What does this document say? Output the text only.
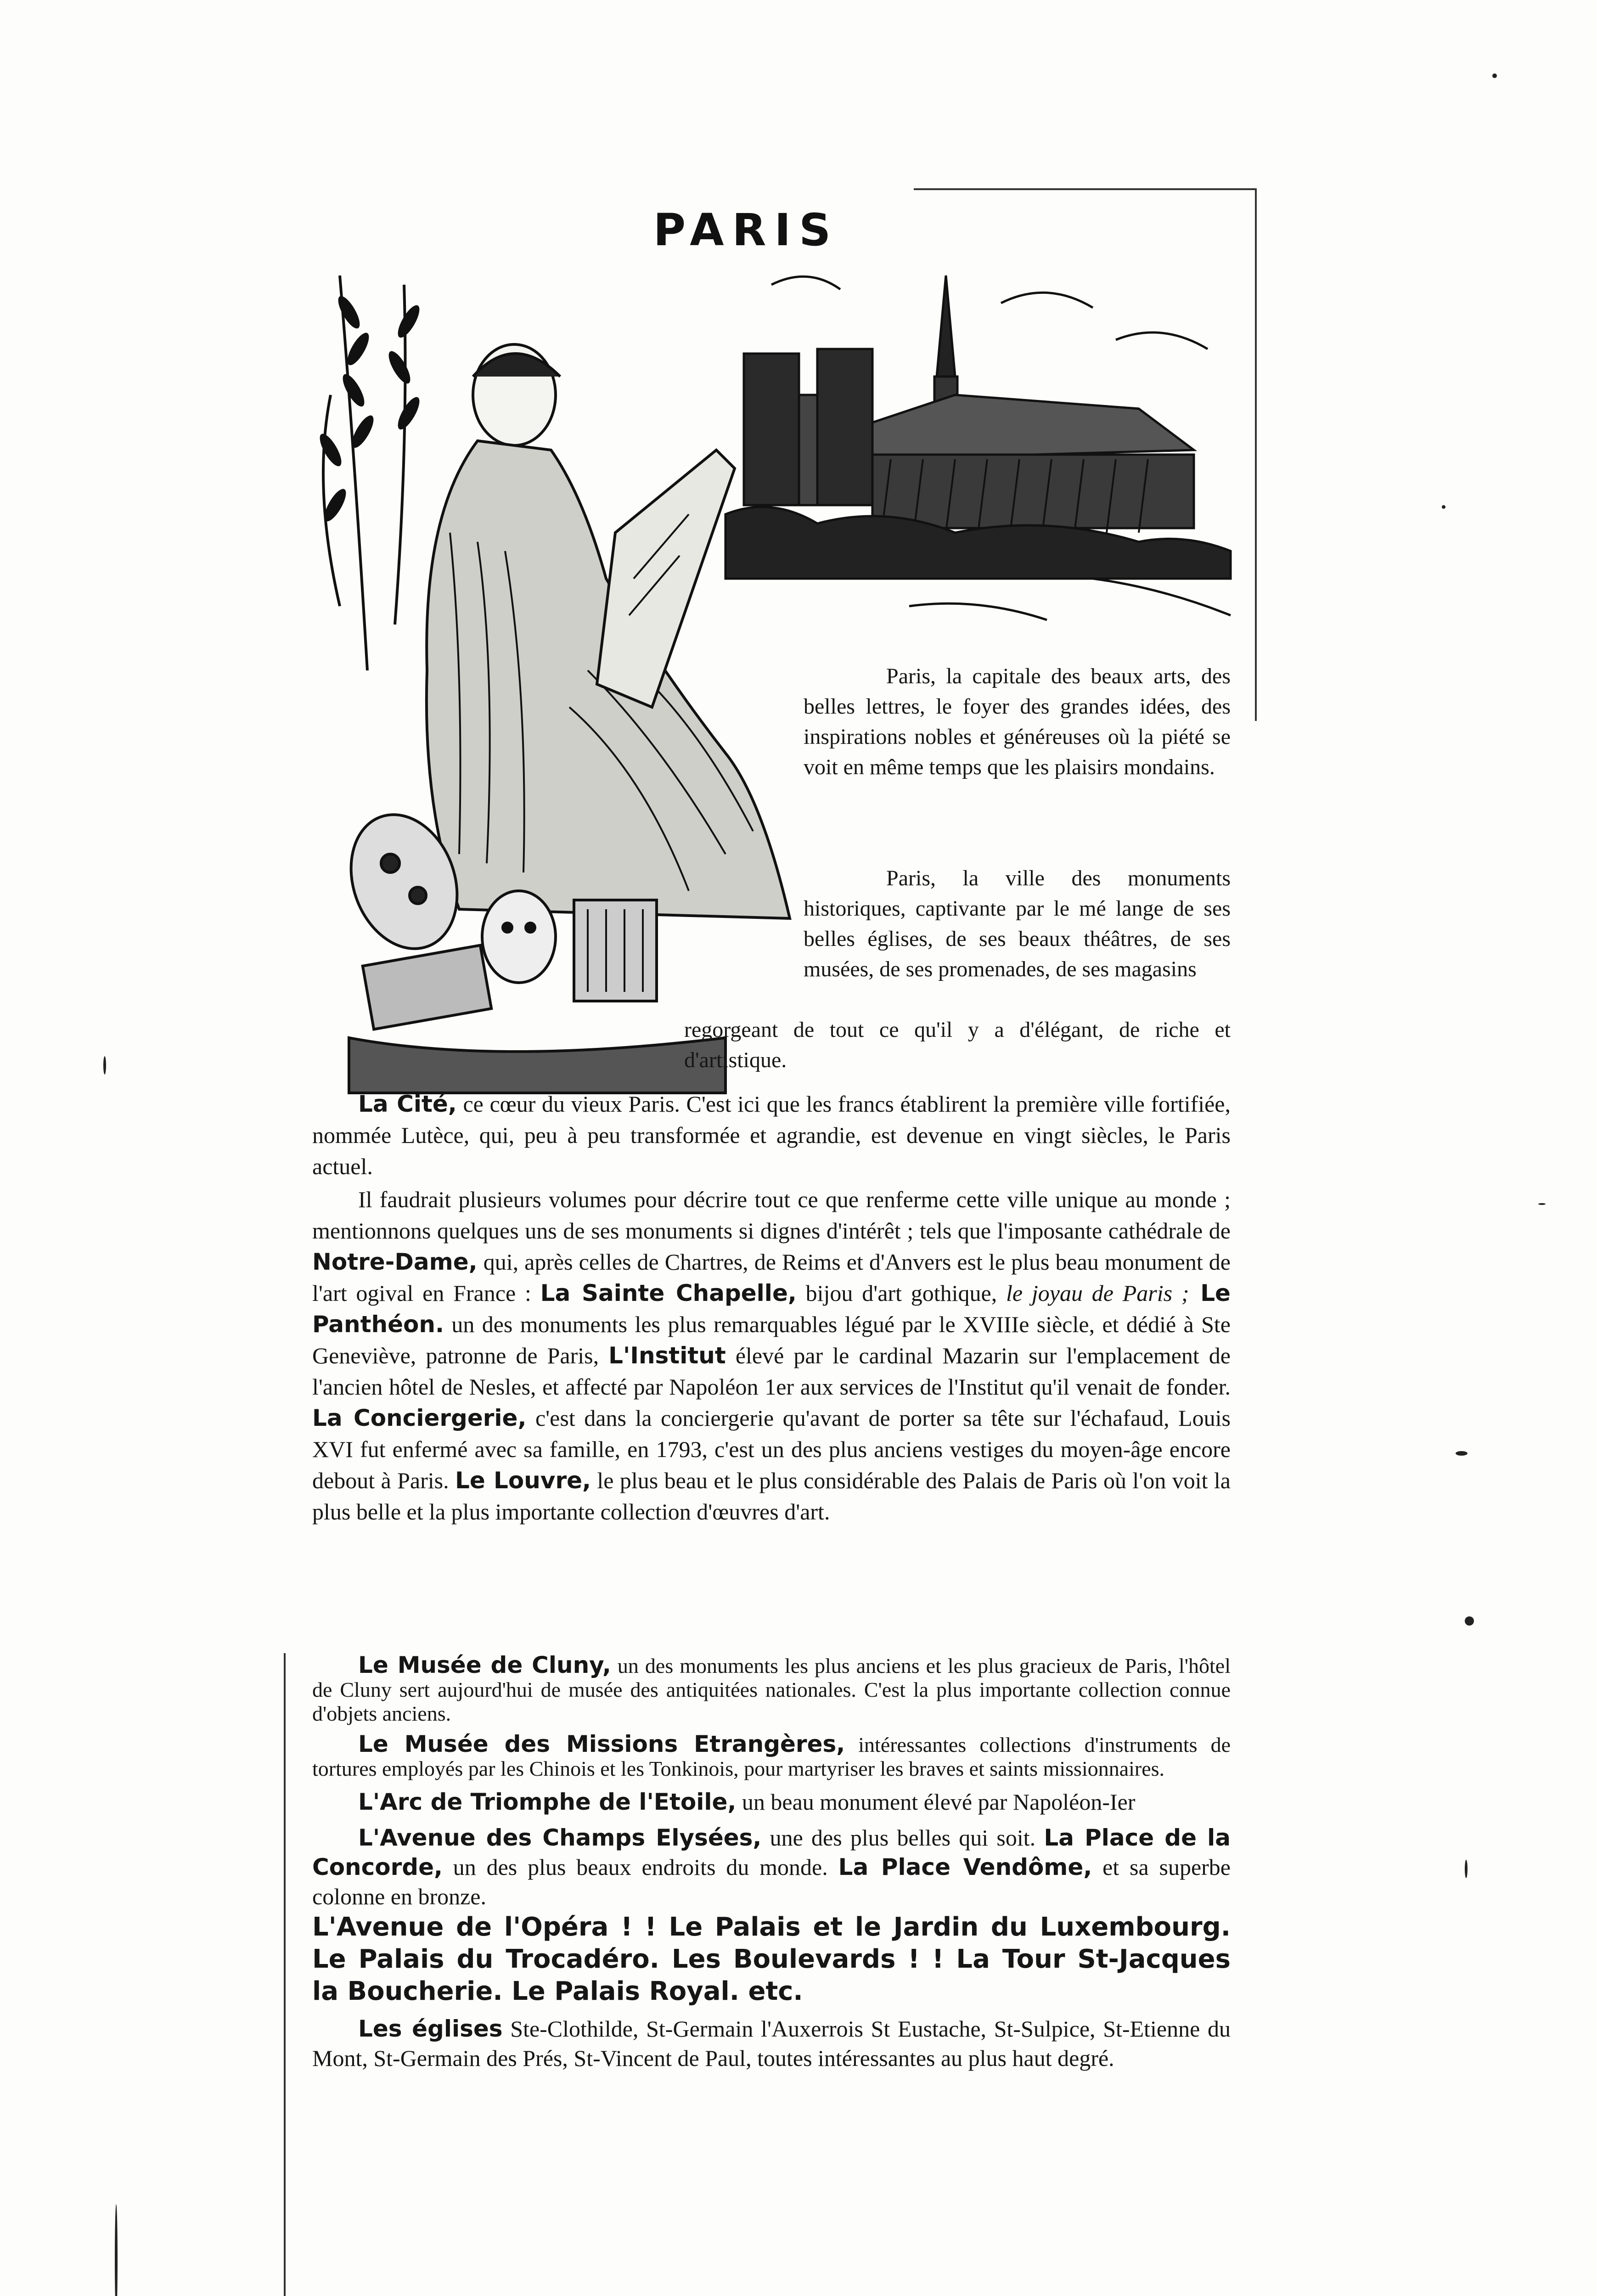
PARIS

Paris, la capitale des beaux arts, des belles lettres, le foyer des grandes idées, des inspirations nobles et généreuses où la piété se voit en même temps que les plaisirs mondains.

Paris, la ville des monuments historiques, captivante par le mé lange de ses belles églises, de ses beaux théâtres, de ses musées, de ses promenades, de ses magasins

regorgeant de tout ce qu'il y a d'élégant, de riche et d'artistique.

La Cité, ce cœur du vieux Paris. C'est ici que les francs établirent la première ville fortifiée, nommée Lutèce, qui, peu à peu transformée et agrandie, est devenue en vingt siècles, le Paris actuel.

Il faudrait plusieurs volumes pour décrire tout ce que renferme cette ville unique au monde ; mentionnons quelques uns de ses monuments si dignes d'intérêt ; tels que l'imposante cathédrale de Notre-Dame, qui, après celles de Chartres, de Reims et d'Anvers est le plus beau monument de l'art ogival en France : La Sainte Chapelle, bijou d'art gothique, le joyau de Paris ; Le Panthéon. un des monuments les plus remarquables légué par le XVIIIe siècle, et dédié à Ste Geneviève, patronne de Paris, L'Institut élevé par le cardinal Mazarin sur l'emplacement de l'ancien hôtel de Nesles, et affecté par Napoléon 1er aux services de l'Institut qu'il venait de fonder. La Conciergerie, c'est dans la conciergerie qu'avant de porter sa tête sur l'échafaud, Louis XVI fut enfermé avec sa famille, en 1793, c'est un des plus anciens vestiges du moyen-âge encore debout à Paris. Le Louvre, le plus beau et le plus considérable des Palais de Paris où l'on voit la plus belle et la plus importante collection d'œuvres d'art.

Le Musée de Cluny, un des monuments les plus anciens et les plus gracieux de Paris, l'hôtel de Cluny sert aujourd'hui de musée des antiquitées nationales. C'est la plus importante collection connue d'objets anciens.

Le Musée des Missions Etrangères, intéressantes collections d'instruments de tortures employés par les Chinois et les Tonkinois, pour martyriser les braves et saints missionnaires.

L'Arc de Triomphe de l'Etoile, un beau monument élevé par Napoléon-Ier

L'Avenue des Champs Elysées, une des plus belles qui soit. La Place de la Concorde, un des plus beaux endroits du monde. La Place Vendôme, et sa superbe colonne en bronze.
L'Avenue de l'Opéra ! ! Le Palais et le Jardin du Luxembourg. Le Palais du Trocadéro. Les Boulevards ! ! La Tour St-Jacques la Boucherie. Le Palais Royal. etc.

Les églises Ste-Clothilde, St-Germain l'Auxerrois St Eustache, St-Sulpice, St-Etienne du Mont, St-Germain des Prés, St-Vincent de Paul, toutes intéressantes au plus haut degré.
